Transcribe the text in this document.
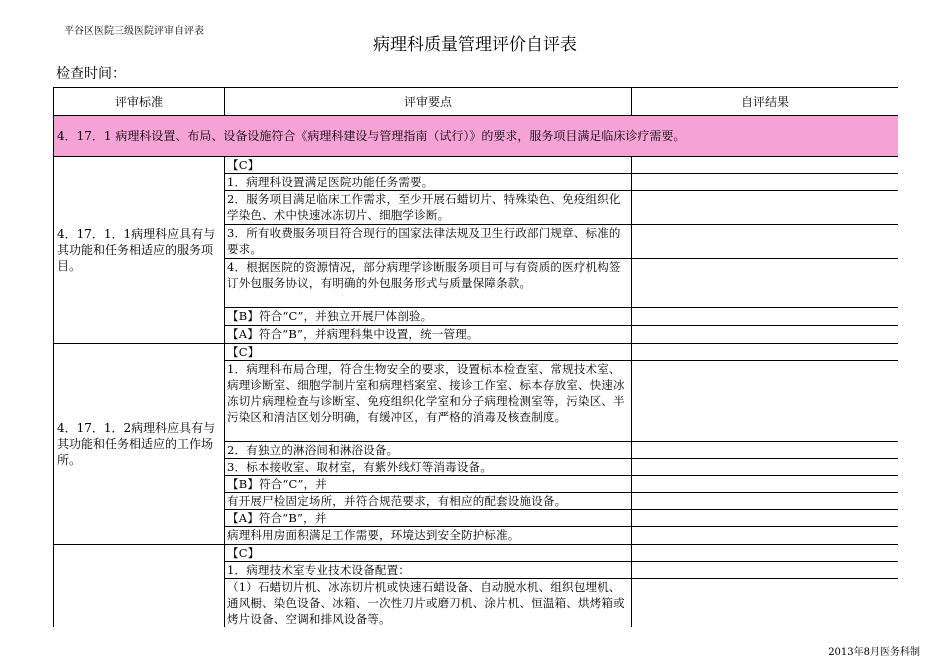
平谷区医院三级医院评审自评表
病理科质量管理评价自评表
检查时间：
评审标准	评审要点	自评结果
4．17．1 病理科设置、布局、设备设施符合《病理科建设与管理指南（试行）》的要求，服务项目满足临床诊疗需要。		
4．17．1．1病理科应具有与其功能和任务相适应的服务项目。	【C】	
	1．病理科设置满足医院功能任务需要。	
	2．服务项目满足临床工作需求，至少开展石蜡切片、特殊染色、免疫组织化学染色、术中快速冰冻切片、细胞学诊断。	
	3．所有收费服务项目符合现行的国家法律法规及卫生行政部门规章、标准的要求。	
	4．根据医院的资源情况，部分病理学诊断服务项目可与有资质的医疗机构签订外包服务协议，有明确的外包服务形式与质量保障条款。	
	【B】符合“C”，并独立开展尸体剖验。	
	【A】符合“B”，并病理科集中设置，统一管理。	
4．17．1．2病理科应具有与其功能和任务相适应的工作场所。	【C】	
	1．病理科布局合理，符合生物安全的要求，设置标本检查室、常规技术室、病理诊断室、细胞学制片室和病理档案室、接诊工作室、标本存放室、快速冰冻切片病理检查与诊断室、免疫组织化学室和分子病理检测室等，污染区、半污染区和清洁区划分明确，有缓冲区，有严格的消毒及核查制度。	
	2．有独立的淋浴间和淋浴设备。	
	3．标本接收室、取材室，有紫外线灯等消毒设备。	
	【B】符合“C”，并	
	有开展尸检固定场所，并符合规范要求，有相应的配套设施设备。	
	【A】符合“B”，并	
	病理科用房面积满足工作需要，环境达到安全防护标准。	
	【C】	
	1．病理技术室专业技术设备配置：	
	（1）石蜡切片机、冰冻切片机或快速石蜡设备、自动脱水机、组织包埋机、通风橱、染色设备、冰箱、一次性刀片或磨刀机、涂片机、恒温箱、烘烤箱或烤片设备、空调和排风设备等。	
2013年8月医务科制
